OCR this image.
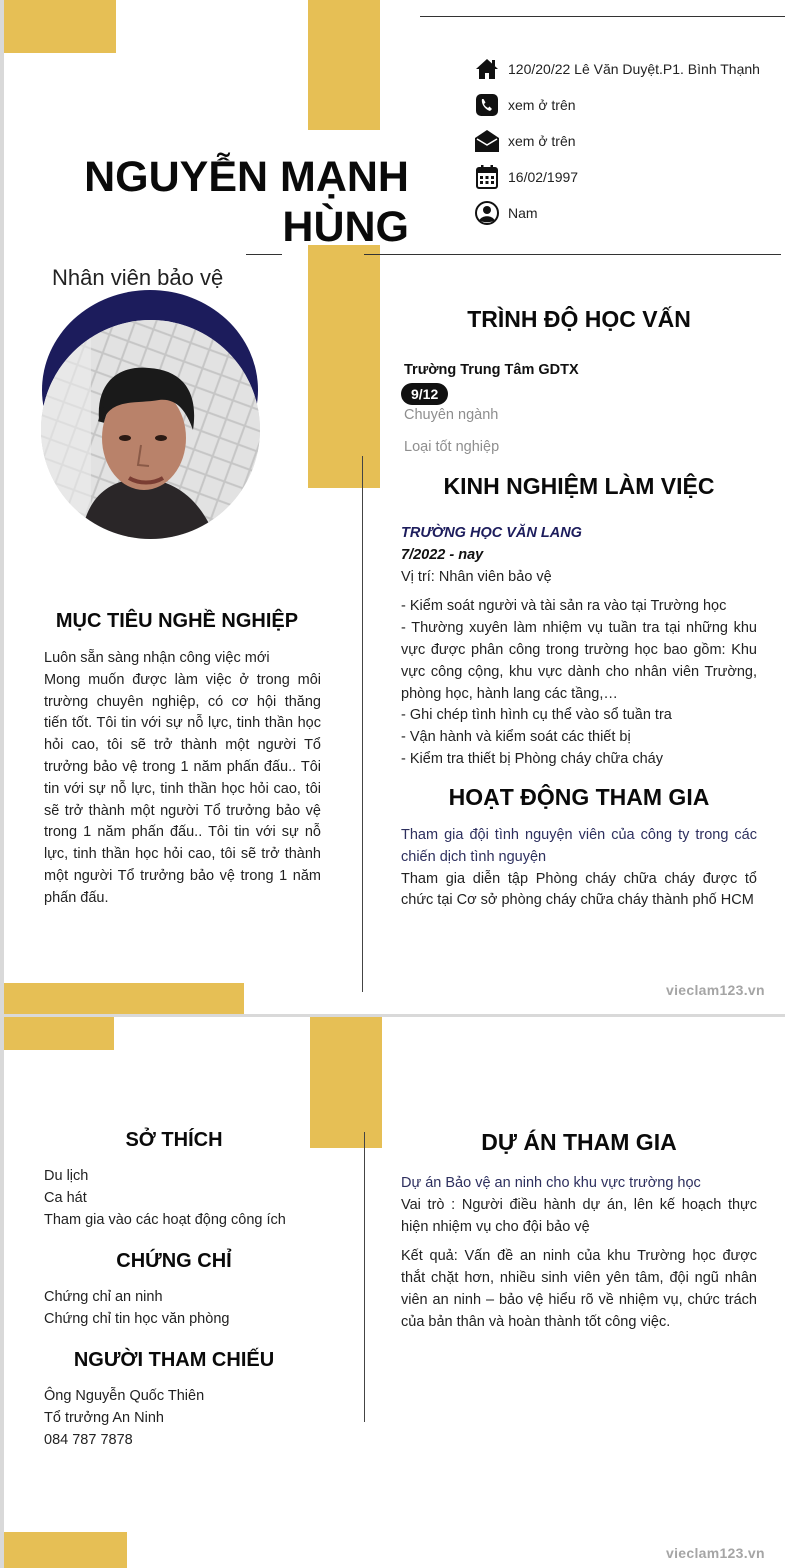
NGUYỄN MẠNH
HÙNG
Nhân viên bảo vệ
120/20/22 Lê Văn Duyệt.P1. Bình Thạnh
xem ở trên
xem ở trên
16/02/1997
Nam
MỤC TIÊU NGHỀ NGHIỆP
Luôn sẵn sàng nhận công việc mới
Mong muốn được làm việc ở trong môi trường chuyên nghiệp, có cơ hội thăng tiến tốt. Tôi tin với sự nỗ lực, tinh thần học hỏi cao, tôi sẽ trở thành một người Tổ trưởng bảo vệ trong 1 năm phấn đấu.. Tôi tin với sự nỗ lực, tinh thần học hỏi cao, tôi sẽ trở thành một người Tổ trưởng bảo vệ trong 1 năm phấn đấu.. Tôi tin với sự nỗ lực, tinh thần học hỏi cao, tôi sẽ trở thành một người Tổ trưởng bảo vệ trong 1 năm phấn đấu.
TRÌNH ĐỘ HỌC VẤN
Trường Trung Tâm GDTX
9/12
Chuyên ngành
Loại tốt nghiệp
KINH NGHIỆM LÀM VIỆC
TRƯỜNG HỌC VĂN LANG
7/2022 - nay
Vị trí: Nhân viên bảo vệ
- Kiểm soát người và tài sản ra vào tại Trường học
- Thường xuyên làm nhiệm vụ tuần tra tại những khu vực được phân công trong trường học bao gồm: Khu vực công cộng, khu vực dành cho nhân viên Trường, phòng học, hành lang các tầng,…
- Ghi chép tình hình cụ thể vào sổ tuần tra
- Vận hành và kiểm soát các thiết bị
- Kiểm tra thiết bị Phòng cháy chữa cháy
HOẠT ĐỘNG THAM GIA
Tham gia đội tình nguyện viên của công ty trong các chiến dịch tình nguyện
Tham gia diễn tập Phòng cháy chữa cháy được tổ chức tại Cơ sở phòng cháy chữa cháy thành phố HCM
vieclam123.vn
SỞ THÍCH
Du lịch
Ca hát
Tham gia vào các hoạt động công ích
CHỨNG CHỈ
Chứng chỉ an ninh
Chứng chỉ tin học văn phòng
NGƯỜI THAM CHIẾU
Ông Nguyễn Quốc Thiên
Tổ trưởng An Ninh
084 787 7878
DỰ ÁN THAM GIA
Dự án Bảo vệ an ninh cho khu vực trường học
Vai trò : Người điều hành dự án, lên kế hoạch thực hiện nhiệm vụ cho đội bảo vệ
Kết quả: Vấn đề an ninh của khu Trường học được thắt chặt hơn, nhiều sinh viên yên tâm, đội ngũ nhân viên an ninh – bảo vệ hiểu rõ về nhiệm vụ, chức trách của bản thân và hoàn thành tốt công việc.
vieclam123.vn
